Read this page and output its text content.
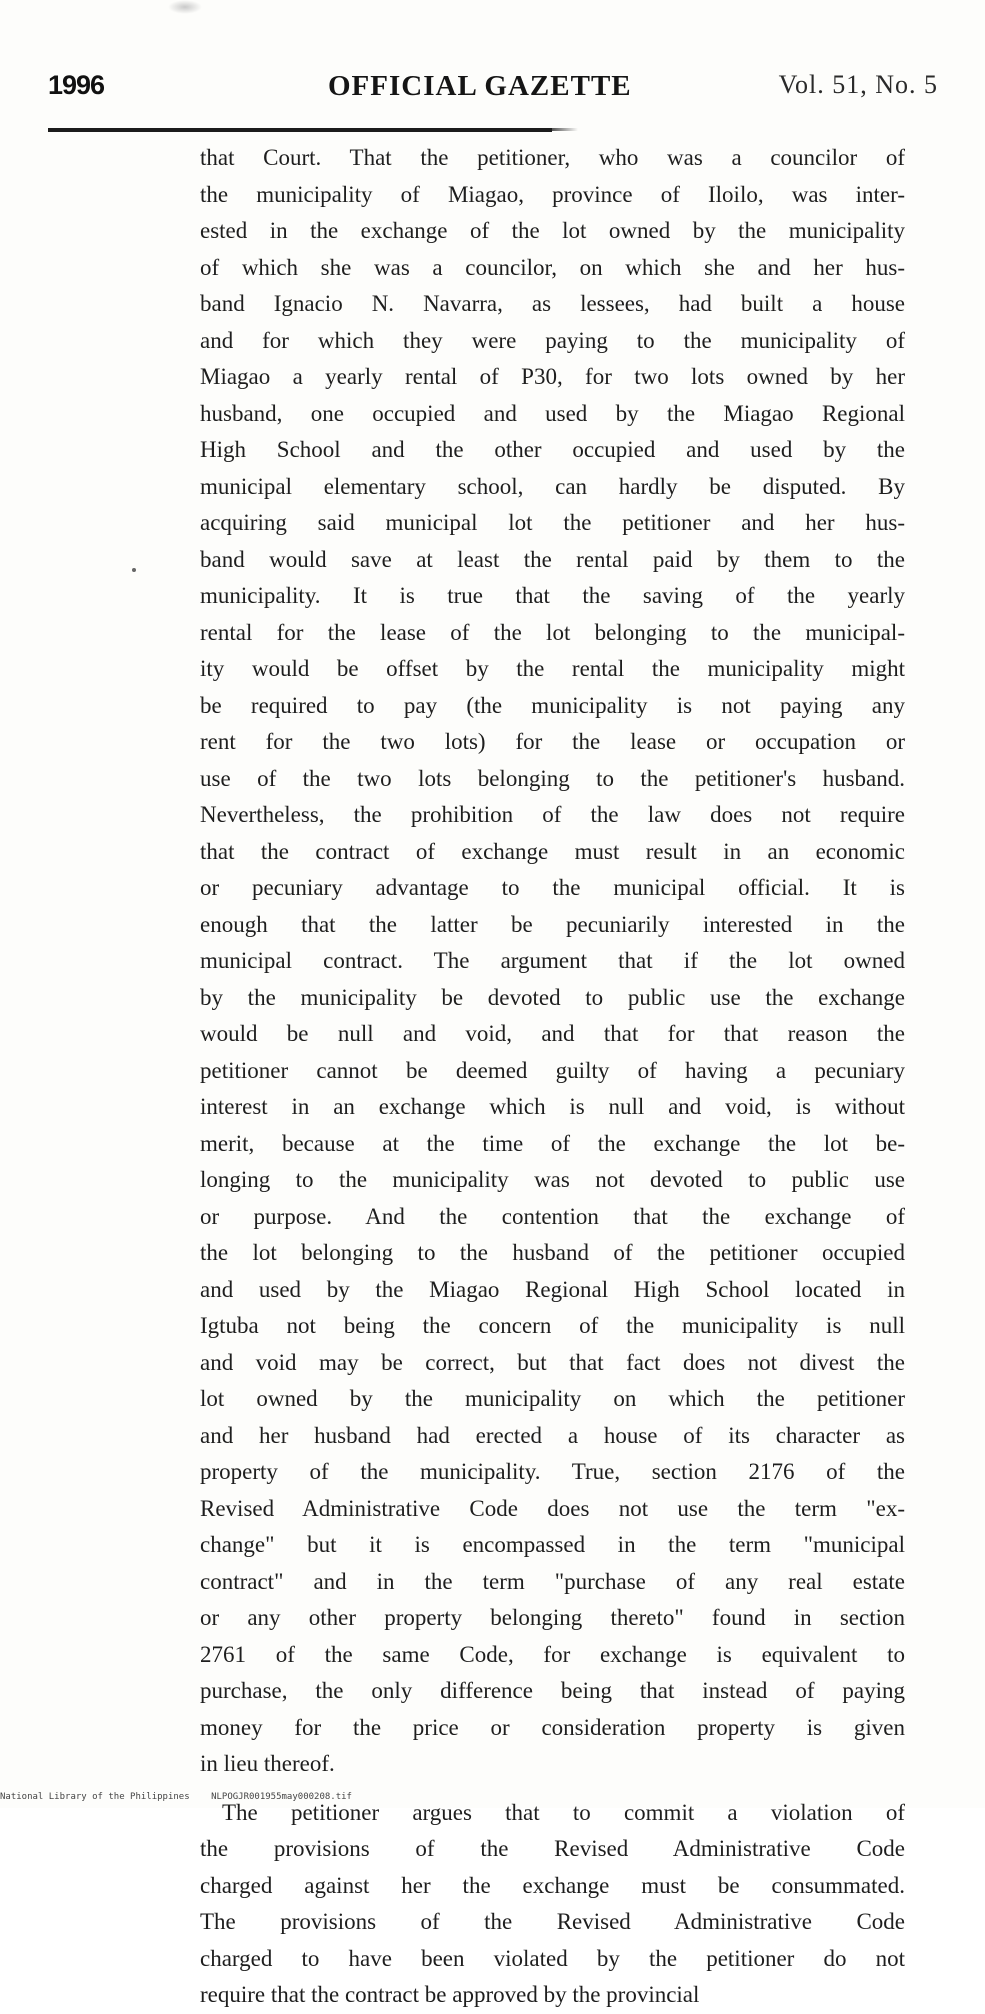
1996	OFFICIAL GAZETTE	Vol. 51, No. 5
that Court. That the petitioner, who was a councilor of
the municipality of Miagao, province of Iloilo, was inter-
ested in the exchange of the lot owned by the municipality
of which she was a councilor, on which she and her hus-
band Ignacio N. Navarra, as lessees, had built a house
and for which they were paying to the municipality of
Miagao a yearly rental of P30, for two lots owned by her
husband, one occupied and used by the Miagao Regional
High School and the other occupied and used by the
municipal elementary school, can hardly be disputed. By
acquiring said municipal lot the petitioner and her hus-
band would save at least the rental paid by them to the
municipality. It is true that the saving of the yearly
rental for the lease of the lot belonging to the municipal-
ity would be offset by the rental the municipality might
be required to pay (the municipality is not paying any
rent for the two lots) for the lease or occupation or
use of the two lots belonging to the petitioner's husband.
Nevertheless, the prohibition of the law does not require
that the contract of exchange must result in an economic
or pecuniary advantage to the municipal official. It is
enough that the latter be pecuniarily interested in the
municipal contract. The argument that if the lot owned
by the municipality be devoted to public use the exchange
would be null and void, and that for that reason the
petitioner cannot be deemed guilty of having a pecuniary
interest in an exchange which is null and void, is without
merit, because at the time of the exchange the lot be-
longing to the municipality was not devoted to public use
or purpose. And the contention that the exchange of
the lot belonging to the husband of the petitioner occupied
and used by the Miagao Regional High School located in
Igtuba not being the concern of the municipality is null
and void may be correct, but that fact does not divest the
lot owned by the municipality on which the petitioner
and her husband had erected a house of its character as
property of the municipality. True, section 2176 of the
Revised Administrative Code does not use the term "ex-
change" but it is encompassed in the term "municipal
contract" and in the term "purchase of any real estate
or any other property belonging thereto" found in section
2761 of the same Code, for exchange is equivalent to
purchase, the only difference being that instead of paying
money for the price or consideration property is given
in lieu thereof.
The petitioner argues that to commit a violation of
the provisions of the Revised Administrative Code
charged against her the exchange must be consummated.
The provisions of the Revised Administrative Code
charged to have been violated by the petitioner do not
require that the contract be approved by the provincial
National Library of the Philippines NLPOGJR001955may000208.tif
